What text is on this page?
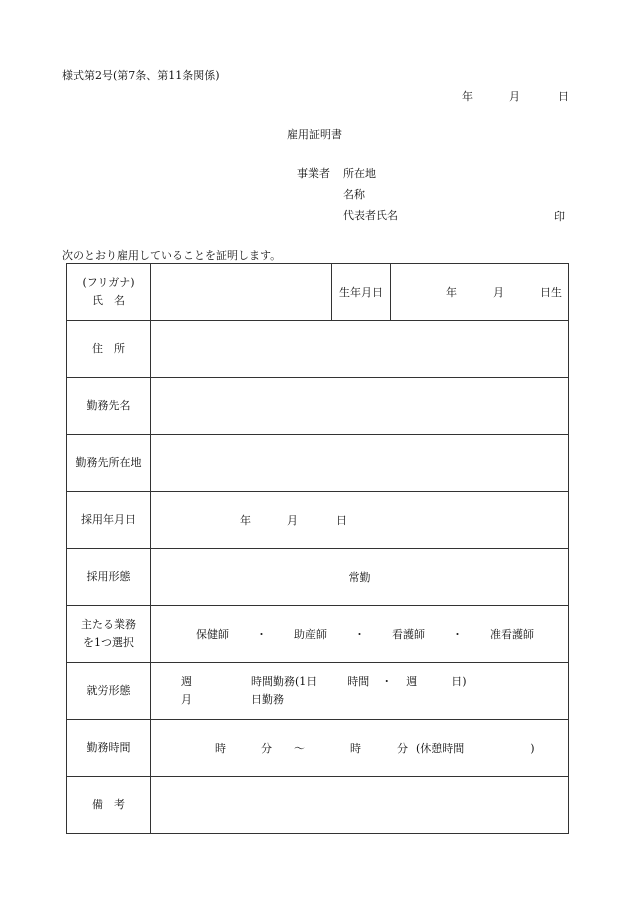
様式第2号(第7条、第11条関係)
年	月	日
雇用証明書
事業者 所在地
名称
代表者氏名	印
次のとおり雇用していることを証明します。
(フリガナ)
氏　名		生年月日	年 月 日生
住　所			
勤務先名			
勤務先所在地			
採用年月日	年 月 日		
採用形態	常勤		

主たる業務
を1つ選択	保健師 ・ 助産師 ・ 看護師 ・ 准看護師		
就労形態	週 時間勤務(1日 時間 ・ 週 日)
月 日勤務		

勤務時間	時 分 ～ 時 分 (休憩時間 )		
備　考			
